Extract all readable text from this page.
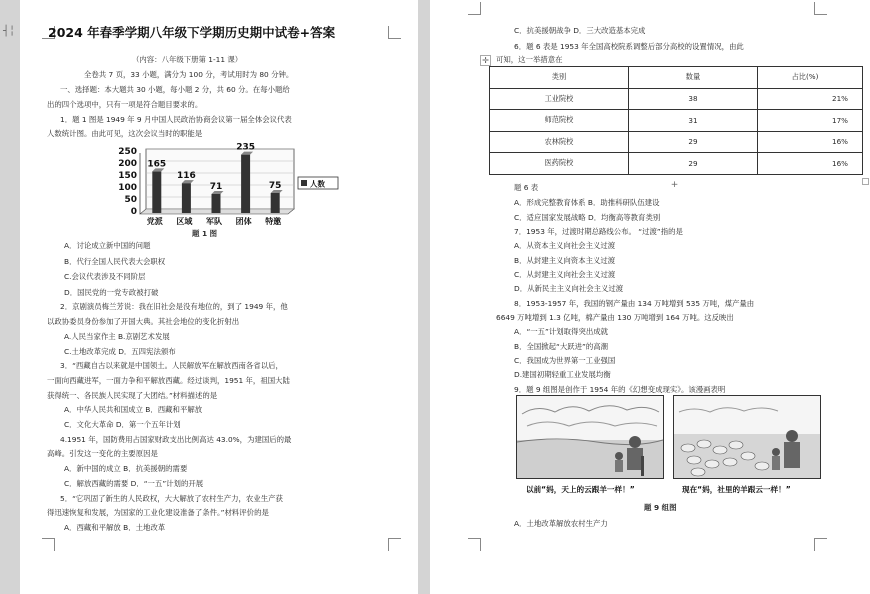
2024 年春季学期八年级下学期历史期中试卷+答案
（内容：八年级下册第 1-11 课）
全卷共 7 页，33 小题，满分为 100 分，考试用时为 80 分钟。
一、选择题：本大题共 30 小题，每小题 2 分，共 60 分。在每小题给
出的四个选项中，只有一项是符合题目要求的。
1．题 1 图是 1949 年 9 月中国人民政治协商会议第一届全体会议代表
人数统计图。由此可见，这次会议当时的职能是
0
50
100
150
200
250
165
党派
116
区域
71
军队
235
团体
75
特邀
人数
题 1 图
A．讨论成立新中国的问题
B．代行全国人民代表大会职权
C.会议代表涉及不同阶层
D．国民党的一党专政被打破
2．京剧演员梅兰芳说：我在旧社会是没有地位的，到了 1949 年，他
以政协委员身份参加了开国大典。其社会地位的变化折射出
A.人民当家作主 B.京剧艺术发展
C.土地改革完成 D．五四宪法颁布
3．“西藏自古以来就是中国领土。人民解放军在解放西南各省以后，
一面向西藏进军，一面力争和平解放西藏。经过谈判，1951 年，祖国大陆
获得统一、各民族人民实现了大团结。”材料描述的是
A．中华人民共和国成立 B．西藏和平解放
C．文化大革命 D．第一个五年计划
4.1951 年，国防费用占国家财政支出比例高达 43.0%，为建国后的最
高峰。引发这一变化的主要原因是
A．新中国的成立 B．抗美援朝的需要
C．解放西藏的需要 D．“一五”计划的开展
5．“它巩固了新生的人民政权，大大解放了农村生产力，农业生产获
得迅速恢复和发展，为国家的工业化建设准备了条件。”材料评价的是
A．西藏和平解放 B．土地改革
C．抗美援朝战争 D．三大改造基本完成
6．题 6 表是 1953 年全国高校院系调整后部分高校的设置情况，由此
可知，这一举措意在
✛
类别	数量	占比(%)
工业院校	38	21%
师范院校	31	17%
农林院校	29	16%
医药院校	29	16%
+
题 6 表
A．形成完整教育体系 B．助推科研队伍建设
C．适应国家发展战略 D．均衡高等教育类别
7．1953 年，过渡时期总路线公布。 “过渡”指的是
A．从资本主义向社会主义过渡
B．从封建主义向资本主义过渡
C．从封建主义向社会主义过渡
D．从新民主主义向社会主义过渡
8．1953-1957 年，我国的钢产量由 134 万吨增到 535 万吨，煤产量由
6649 万吨增到 1.3 亿吨，棉产量由 130 万吨增到 164 万吨。这反映出
A．“一五”计划取得突出成就
B．全国掀起“大跃进”的高潮
C．我国成为世界第一工业强国
D.建国初期轻重工业发展均衡
9．题 9 组图是创作于 1954 年的《幻想变成现实》。该漫画表明
以前“妈，天上的云跟羊一样！”	现在“妈，社里的羊跟云一样！”
题 9 组图
A．土地改革解放农村生产力
┤╎
